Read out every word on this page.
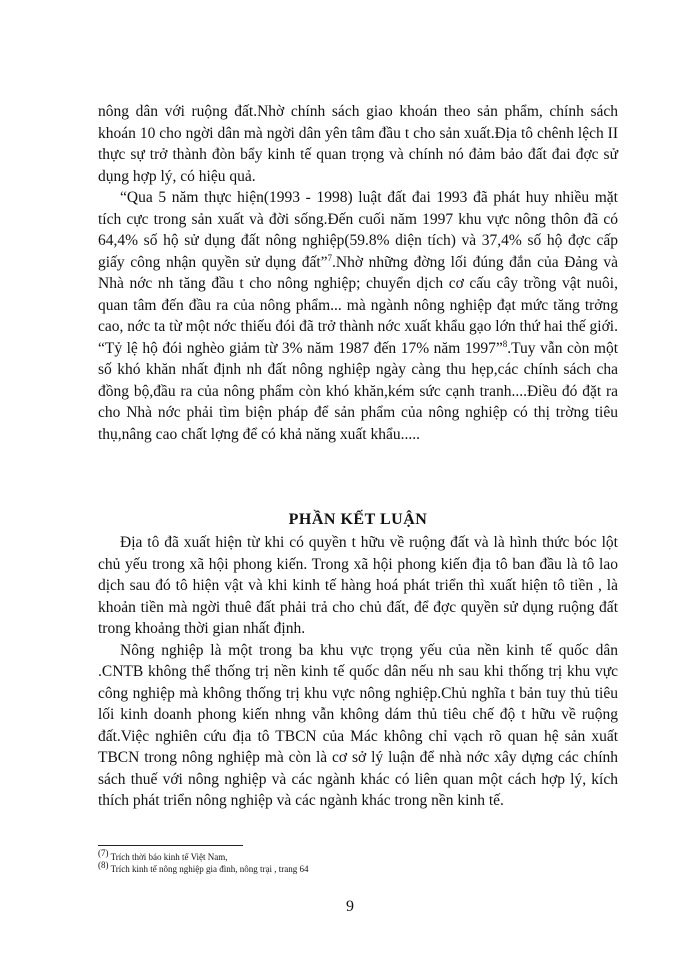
nông dân với ruộng đất.Nhờ chính sách giao khoán theo sản phẩm, chính sách khoán 10 cho ngời dân mà ngời dân yên tâm đầu t cho sản xuất.Địa tô chênh lệch II thực sự trở thành đòn bẩy kinh tế quan trọng và chính nó đảm bảo đất đai đợc sử dụng hợp lý, có hiệu quả.

“Qua 5 năm thực hiện(1993 - 1998) luật đất đai 1993 đã phát huy nhiều mặt tích cực trong sản xuất và đời sống.Đến cuối năm 1997 khu vực nông thôn đã có 64,4% số hộ sử dụng đất nông nghiệp(59.8% diện tích) và 37,4% số hộ đợc cấp giấy công nhận quyền sử dụng đất”$^7$.Nhờ những đờng lối đúng đắn của Đảng và Nhà nớc nh tăng đầu t cho nông nghiệp; chuyển dịch cơ cấu cây trồng vật nuôi, quan tâm đến đầu ra của nông phẩm... mà ngành nông nghiệp đạt mức tăng trởng cao, nớc ta từ một nớc thiếu đói đã trở thành nớc xuất khẩu gạo lớn thứ hai thế giới. “Tỷ lệ hộ đói nghèo giảm từ 3% năm 1987 đến 17% năm 1997”$^8$.Tuy vẫn còn một số khó khăn nhất định nh đất nông nghiệp ngày càng thu hẹp,các chính sách cha đồng bộ,đầu ra của nông phẩm còn khó khăn,kém sức cạnh tranh....Điều đó đặt ra cho Nhà nớc phải tìm biện pháp để sản phẩm của nông nghiệp có thị trờng tiêu thụ,nâng cao chất lợng để có khả năng xuất khẩu.....

PHẦN KẾT LUẬN

Địa tô đã xuất hiện từ khi có quyền t hữu về ruộng đất và là hình thức bóc lột chủ yếu trong xã hội phong kiến. Trong xã hội phong kiến địa tô ban đầu là tô lao dịch sau đó tô hiện vật và khi kinh tế hàng hoá phát triển thì xuất hiện tô tiền , là khoản tiền mà ngời thuê đất phải trả cho chủ đất, để đợc quyền sử dụng ruộng đất trong khoảng thời gian nhất định.

Nông nghiệp là một trong ba khu vực trọng yếu của nền kinh tế quốc dân .CNTB không thể thống trị nền kinh tế quốc dân nếu nh sau khi thống trị khu vực công nghiệp mà không thống trị khu vực nông nghiệp.Chủ nghĩa t bản tuy thủ tiêu lối kinh doanh phong kiến nhng vẫn không dám thủ tiêu chế độ t hữu về ruộng đất.Việc nghiên cứu địa tô TBCN của Mác không chỉ vạch rõ quan hệ sản xuất TBCN trong nông nghiệp mà còn là cơ sở lý luận để nhà nớc xây dựng các chính sách thuế với nông nghiệp và các ngành khác có liên quan một cách hợp lý, kích thích phát triển nông nghiệp và các ngành khác trong nền kinh tế.

$^{(7)}$ Trích thời báo kinh tế Việt Nam,

$^{(8)}$ Trích kinh tế nông nghiệp gia đình, nông trại , trang 64

9
